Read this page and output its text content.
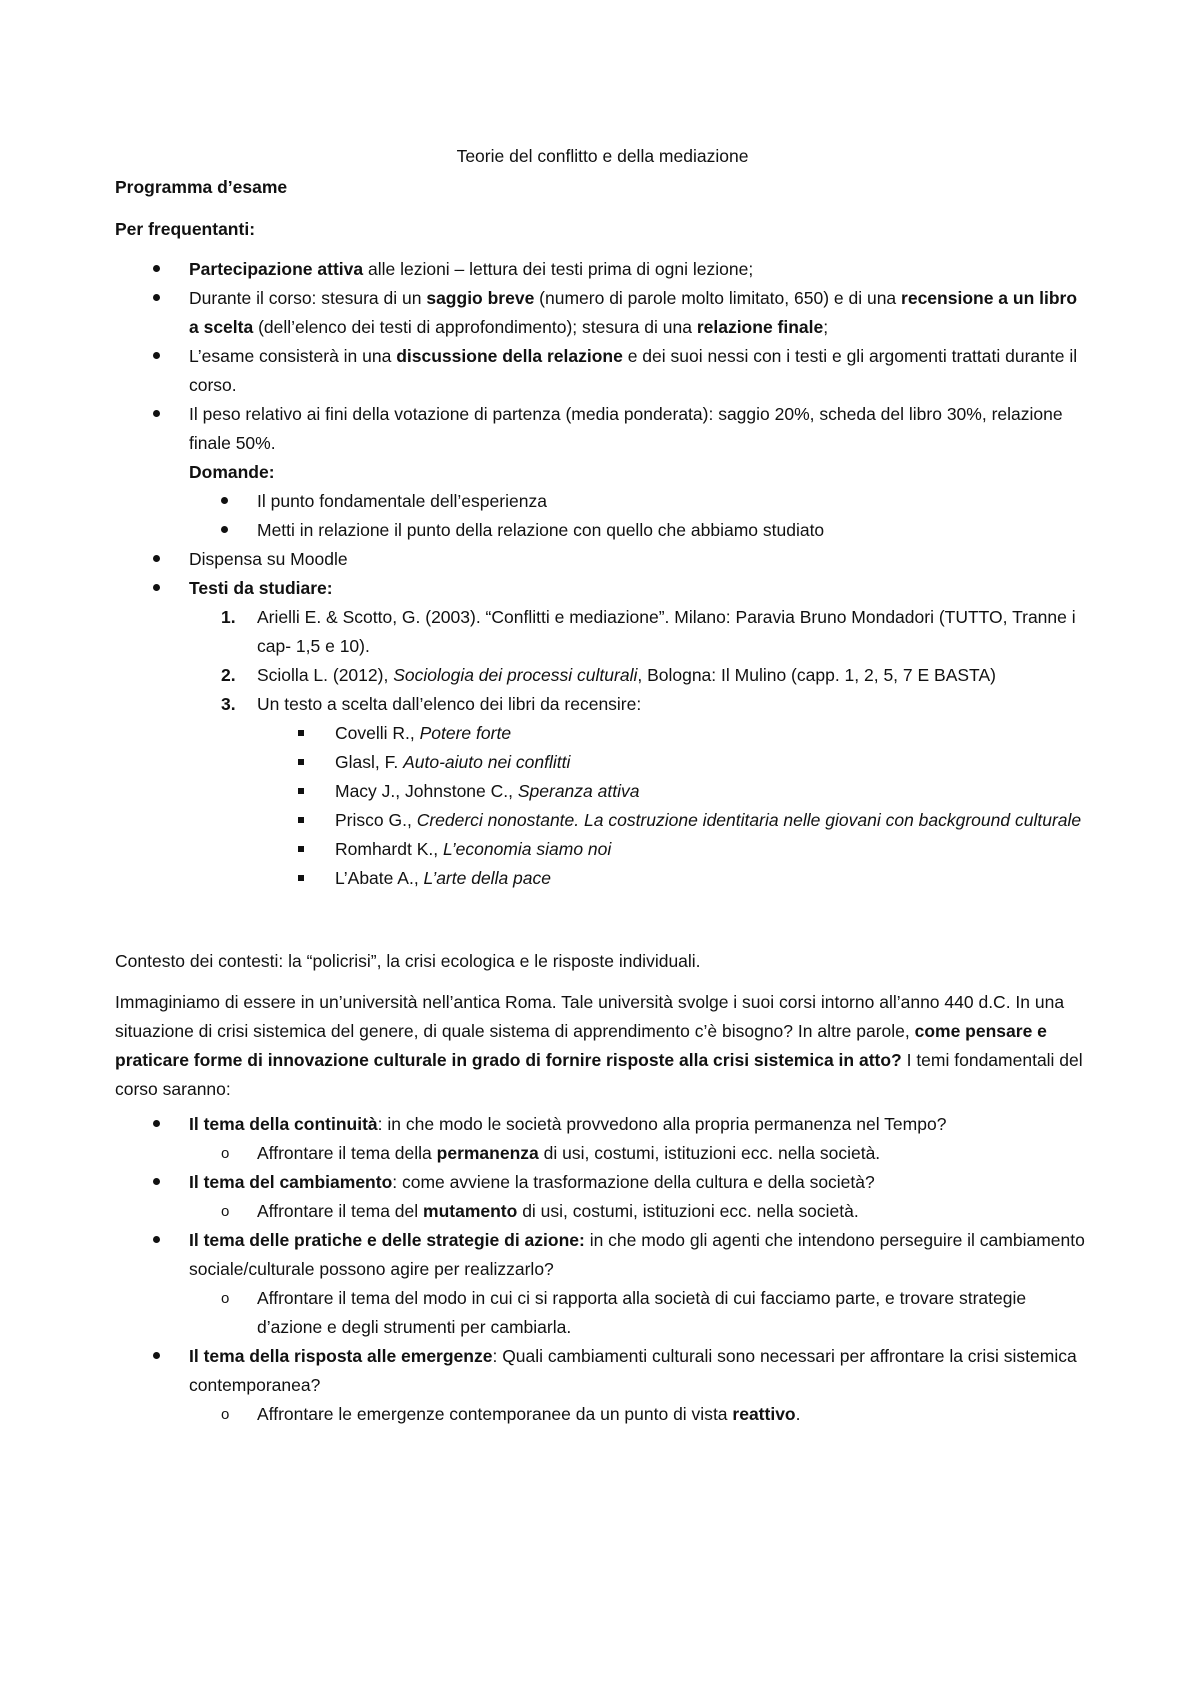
Teorie del conflitto e della mediazione
Programma d’esame
Per frequentanti:
Partecipazione attiva alle lezioni – lettura dei testi prima di ogni lezione;
Durante il corso: stesura di un saggio breve (numero di parole molto limitato, 650) e di una recensione a un libro a scelta (dell’elenco dei testi di approfondimento); stesura di una relazione finale;
L’esame consisterà in una discussione della relazione e dei suoi nessi con i testi e gli argomenti trattati durante il corso.
Il peso relativo ai fini della votazione di partenza (media ponderata): saggio 20%, scheda del libro 30%, relazione finale 50%.
Domande:
Il punto fondamentale dell’esperienza
Metti in relazione il punto della relazione con quello che abbiamo studiato
Dispensa su Moodle
Testi da studiare:
1.	Arielli E. & Scotto, G. (2003). “Conflitti e mediazione”. Milano: Paravia Bruno Mondadori (TUTTO, Tranne i cap- 1,5 e 10).
2.	Sciolla L. (2012), Sociologia dei processi culturali, Bologna: Il Mulino (capp. 1, 2, 5, 7 E BASTA)
3.	Un testo a scelta dall’elenco dei libri da recensire:
Covelli R., Potere forte
Glasl, F. Auto-aiuto nei conflitti
Macy J., Johnstone C., Speranza attiva
Prisco G., Crederci nonostante. La costruzione identitaria nelle giovani con background culturale
Romhardt K., L’economia siamo noi
L’Abate A., L’arte della pace

Contesto dei contesti: la “policrisi”, la crisi ecologica e le risposte individuali.

Immaginiamo di essere in un’università nell’antica Roma. Tale università svolge i suoi corsi intorno all’anno 440 d.C. In una situazione di crisi sistemica del genere, di quale sistema di apprendimento c’è bisogno? In altre parole, come pensare e praticare forme di innovazione culturale in grado di fornire risposte alla crisi sistemica in atto? I temi fondamentali del corso saranno:

Il tema della continuità: in che modo le società provvedono alla propria permanenza nel Tempo?
o	Affrontare il tema della permanenza di usi, costumi, istituzioni ecc. nella società.
Il tema del cambiamento: come avviene la trasformazione della cultura e della società?
o	Affrontare il tema del mutamento di usi, costumi, istituzioni ecc. nella società.
Il tema delle pratiche e delle strategie di azione: in che modo gli agenti che intendono perseguire il cambiamento sociale/culturale possono agire per realizzarlo?
o	Affrontare il tema del modo in cui ci si rapporta alla società di cui facciamo parte, e trovare strategie d’azione e degli strumenti per cambiarla.
Il tema della risposta alle emergenze: Quali cambiamenti culturali sono necessari per affrontare la crisi sistemica contemporanea?
o	Affrontare le emergenze contemporanee da un punto di vista reattivo.
